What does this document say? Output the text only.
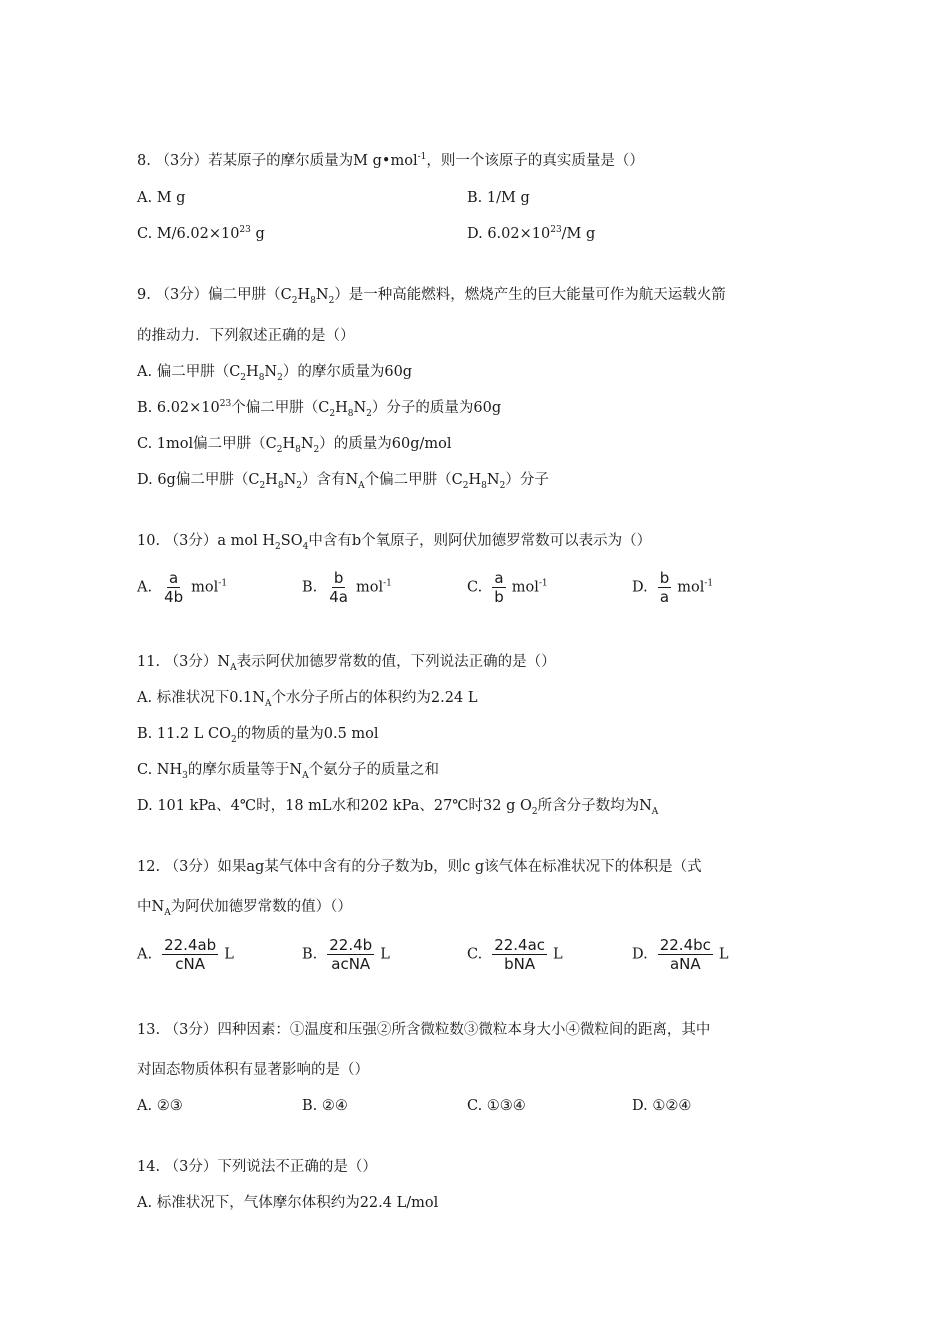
8. （3分）若某原子的摩尔质量为M g•mol$^{-1}$，则一个该原子的真实质量是（）
A. M g	B. 1/M g
C. $M/6.02\times 10^{23}$ g	D. $6.02\times 10^{23}/M$ g
9. （3分）偏二甲肼$(C_2H_8N_2)$是一种高能燃料，燃烧产生的巨大能量可作为航天运载火箭
的推动力．下列叙述正确的是（）
A. 偏二甲肼$(C_2H_8N_2)$的摩尔质量为60g
B. $6.02\times 10^{23}$个偏二甲肼$(C_2H_8N_2)$分子的质量为60g
C. 1mol偏二甲肼$(C_2H_8N_2)$的质量为60g/mol
D. 6g偏二甲肼$(C_2H_8N_2)$含有$N_A$个偏二甲肼$(C_2H_8N_2)$分子
10. （3分）a mol $H_2SO_4$中含有b个氧原子，则阿伏加德罗常数可以表示为（）
A. $\frac{a}{4b} mol^{-1}$	B. $\frac{b}{4a} mol^{-1}$	C. $\frac{a}{b} mol^{-1}$	D. $\frac{b}{a} mol^{-1}$
11. （3分）$N_A$表示阿伏加德罗常数的值，下列说法正确的是（）
A. 标准状况下$0.1N_A$个水分子所占的体积约为2.24 L
B. 11.2 L $CO_2$的物质的量为0.5 mol
C. $NH_3$的摩尔质量等于$N_A$个氨分子的质量之和
D. 101 kPa、4℃时，18 mL水和202 kPa、27℃时32 g $O_2$所含分子数均为$N_A$
12. （3分）如果ag某气体中含有的分子数为b，则c g该气体在标准状况下的体积是（式
中$N_A$为阿伏加德罗常数的值）（）
A. $\frac{22.4ab}{\text{cNA}}$ L	B. $\frac{22.4b}{\text{acNA}}$ L	C. $\frac{22.4ac}{\text{bNA}}$ L	D. $\frac{22.4bc}{\text{aNA}}$ L
13. （3分）四种因素：①温度和压强②所含微粒数③微粒本身大小④微粒间的距离，其中
对固态物质体积有显著影响的是（）
A. ②③	B. ②④	C. ①③④	D. ①②④
14. （3分）下列说法不正确的是（）
A. 标准状况下，气体摩尔体积约为22.4 L/mol
